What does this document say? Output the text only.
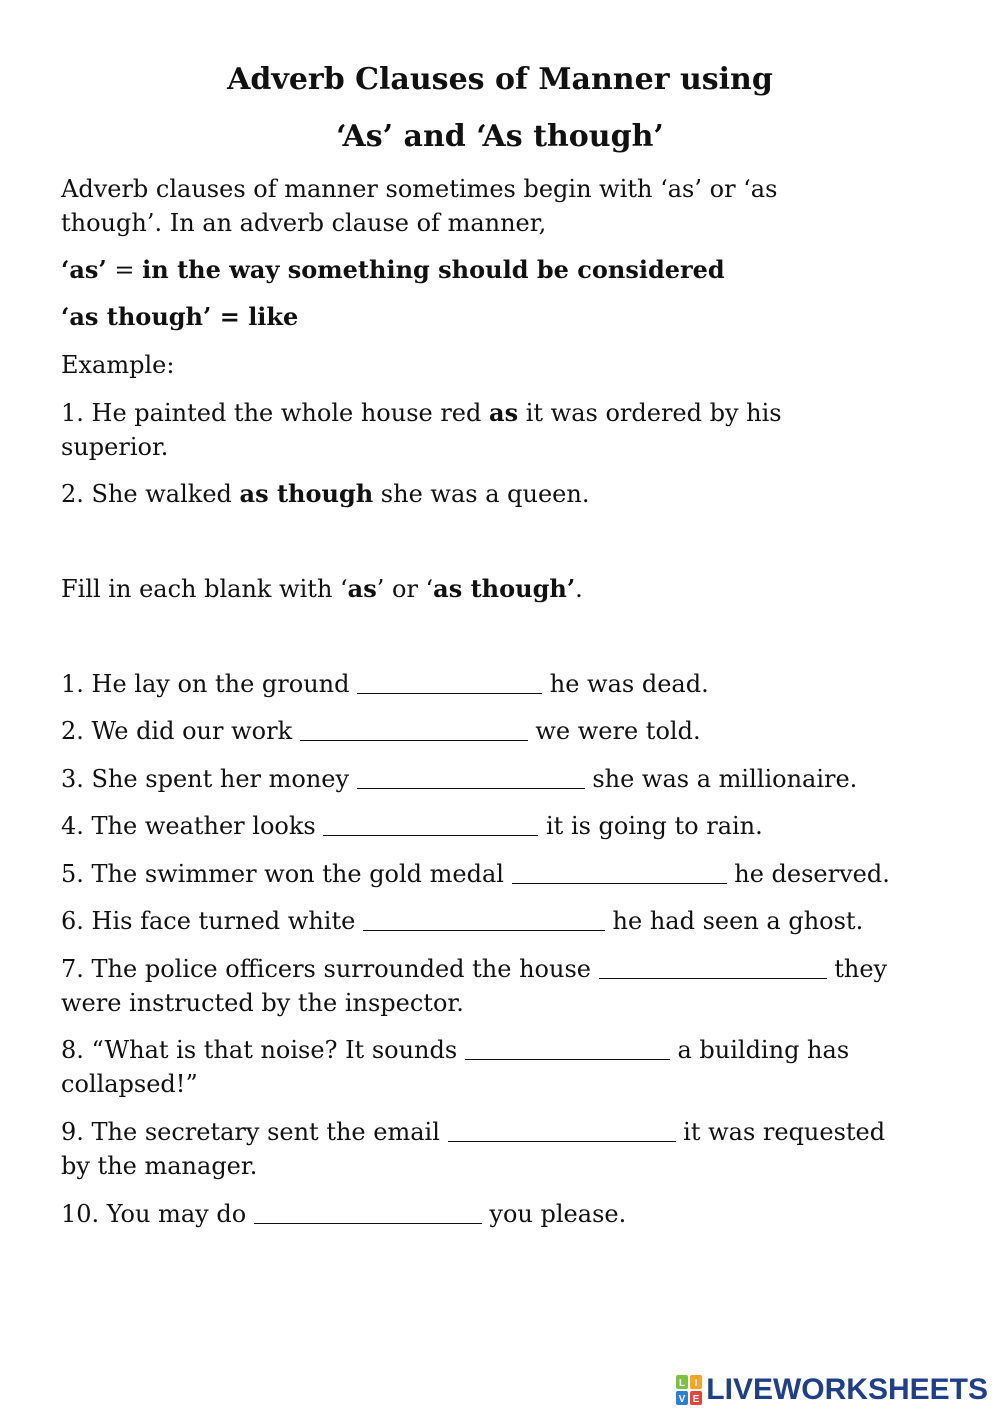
Adverb Clauses of Manner using
‘As’ and ‘As though’

Adverb clauses of manner sometimes begin with ‘as’ or ‘as
though’. In an adverb clause of manner,

‘as’ = in the way something should be considered

‘as though’ = like

Example:

1. He painted the whole house red as it was ordered by his
superior.

2. She walked as though she was a queen.

Fill in each blank with ‘as’ or ‘as though’.

1. He lay on the ground	he was dead.

2. We did our work	we were told.

3. She spent her money	she was a millionaire.

4. The weather looks	it is going to rain.

5. The swimmer won the gold medal	he deserved.

6. His face turned white	he had seen a ghost.

7. The police officers surrounded the house	they
were instructed by the inspector.

8. “What is that noise? It sounds	a building has
collapsed!”

9. The secretary sent the email	it was requested
by the manager.

10. You may do	you please.

L I
V E LIVEWORKSHEETS
